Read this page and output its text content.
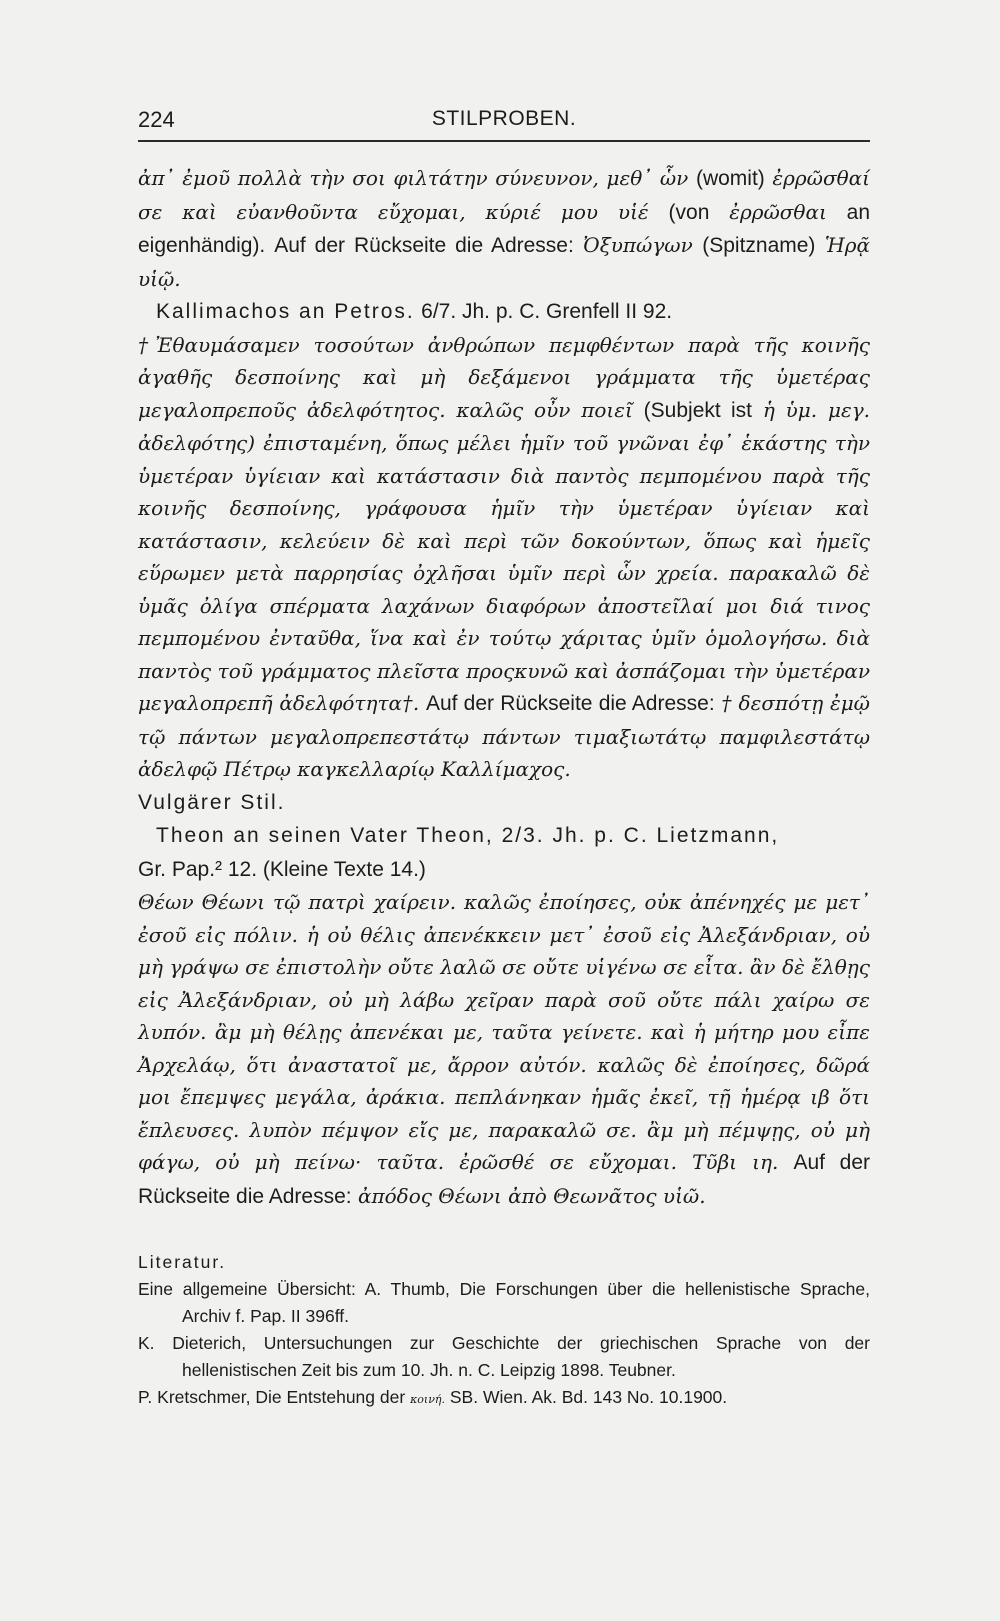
224	STILPROBEN.

ἀπ᾽ ἐμοῦ πολλὰ τὴν σοι φιλτάτην σύνευνον, μεθ᾽ ὧν (womit) ἐρρῶσθαί σε καὶ εὐανθοῦντα εὔχομαι, κύριέ μου υἱέ (von ἐρρῶσθαι an eigenhändig). Auf der Rückseite die Adresse: Ὀξυπώγων (Spitzname) Ἡρᾷ υἱῷ.

Kallimachos an Petros. 6/7. Jh. p. C. Grenfell II 92.

†Ἐθαυμάσαμεν τοσούτων ἀνθρώπων πεμφθέντων παρὰ τῆς κοινῆς ἀγαθῆς δεσποίνης καὶ μὴ δεξάμενοι γράμματα τῆς ὑμετέρας μεγαλοπρεποῦς ἀδελφότητος. καλῶς οὖν ποιεῖ (Subjekt ist ἡ ὑμ. μεγ. ἀδελφότης) ἐπισταμένη, ὅπως μέλει ἡμῖν τοῦ γνῶναι ἐφ᾽ ἑκάστης τὴν ὑμετέραν ὑγίειαν καὶ κατάστασιν διὰ παντὸς πεμπομένου παρὰ τῆς κοινῆς δεσποίνης, γράφουσα ἡμῖν τὴν ὑμετέραν ὑγίειαν καὶ κατάστασιν, κελεύειν δὲ καὶ περὶ τῶν δοκούντων, ὅπως καὶ ἡμεῖς εὕρωμεν μετὰ παρρησίας ὀχλῆσαι ὑμῖν περὶ ὧν χρεία. παρακαλῶ δὲ ὑμᾶς ὀλίγα σπέρματα λαχάνων διαφόρων ἀποστεῖλαί μοι διά τινος πεμπομένου ἐνταῦθα, ἵνα καὶ ἐν τούτῳ χάριτας ὑμῖν ὁμολογήσω. διὰ παντὸς τοῦ γράμματος πλεῖστα προςκυνῶ καὶ ἀσπάζομαι τὴν ὑμετέραν μεγαλοπρεπῆ ἀδελφότητα†. Auf der Rückseite die Adresse: † δεσπότῃ ἐμῷ τῷ πάντων μεγαλοπρεπεστάτῳ πάντων τιμαξιωτάτῳ παμφιλεστάτῳ ἀδελφῷ Πέτρῳ καγκελλαρίῳ Καλλίμαχος.

Vulgärer Stil.

Theon an seinen Vater Theon, 2/3. Jh. p. C. Lietzmann,

Gr. Pap.² 12. (Kleine Texte 14.)

Θέων Θέωνι τῷ πατρὶ χαίρειν. καλῶς ἐποίησες, οὐκ ἀπένηχές με μετ᾽ ἐσοῦ εἰς πόλιν. ἡ οὐ θέλις ἀπενέκκειν μετ᾽ ἐσοῦ εἰς Ἀλεξάνδριαν, οὐ μὴ γράψω σε ἐπιστολὴν οὔτε λαλῶ σε οὔτε υἱγένω σε εἶτα. ἂν δὲ ἔλθῃς εἰς Ἀλεξάνδριαν, οὐ μὴ λάβω χεῖραν παρὰ σοῦ οὔτε πάλι χαίρω σε λυπόν. ἂμ μὴ θέλῃς ἀπενέκαι με, ταῦτα γείνετε. καὶ ἡ μήτηρ μου εἶπε Ἀρχελάῳ, ὅτι ἀναστατοῖ με, ἄρρον αὐτόν. καλῶς δὲ ἐποίησες, δῶρά μοι ἔπεμψες μεγάλα, ἀράκια. πεπλάνηκαν ἡμᾶς ἐκεῖ, τῇ ἡμέρᾳ ιβ ὅτι ἔπλευσες. λυπὸν πέμψον εἴς με, παρακαλῶ σε. ἂμ μὴ πέμψῃς, οὐ μὴ φάγω, οὐ μὴ πείνω· ταῦτα. ἐρῶσθέ σε εὔχομαι. Τῦβι ιη. Auf der Rückseite die Adresse: ἀπόδος Θέωνι ἀπὸ Θεωνᾶτος υἱῶ.

Literatur.

Eine allgemeine Übersicht: A. Thumb, Die Forschungen über die hellenistische Sprache, Archiv f. Pap. II 396ff.

K. Dieterich, Untersuchungen zur Geschichte der griechischen Sprache von der hellenistischen Zeit bis zum 10. Jh. n. C. Leipzig 1898. Teubner.

P. Kretschmer, Die Entstehung der κοινή. SB. Wien. Ak. Bd. 143 No. 10.1900.
